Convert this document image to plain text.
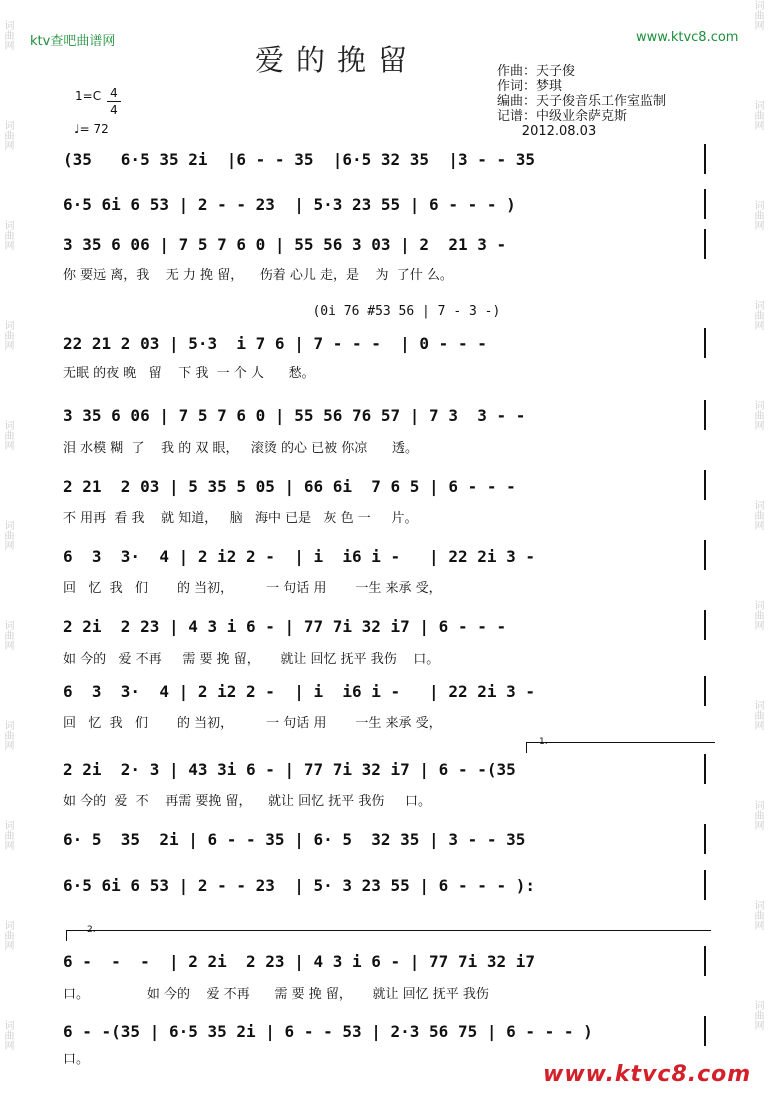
词曲网
词曲网
词曲网
词曲网
词曲网
词曲网
词曲网
词曲网
词曲网
词曲网
词曲网
词曲网
词曲网
词曲网
词曲网
词曲网
词曲网
词曲网
词曲网
词曲网
词曲网
词曲网
ktv查吧曲谱网	www.ktvc8.com
爱的挽留	作曲：天子俊
作词：梦琪
编曲：天子俊音乐工作室监制
记谱：中级业余萨克斯
2012.08.03
1=C 4
4
♩= 72
(35   6·5 35 2i  |6 - - 35  |6·5 32 35  |3 - - 35
6·5 6i 6 53 | 2 - - 23  | 5·3 23 55 | 6 - - - )
3 35 6 06 | 7 5 7 6 0 | 55 56 3 03 | 2  21 3 -
你 要远 离，我    无 力 挽 留，    伤着 心儿 走，是    为  了什 么。
(0i 76 #53 56 | 7 - 3 -)
22 21 2 03 | 5·3  i 7 6 | 7 - - -  | 0 - - -
无眠 的夜 晚   留    下 我  一 个 人      愁。
3 35 6 06 | 7 5 7 6 0 | 55 56 76 57 | 7 3  3 - -
泪 水模 糊  了    我 的 双 眼，   滚烫 的心 已被 你凉      透。
2 21  2 03 | 5 35 5 05 | 66 6i  7 6 5 | 6 - - -
不 用再  看 我    就 知道，   脑   海中 已是   灰 色 一     片。
6  3  3·  4 | 2 i2 2 -  | i  i6 i -   | 22 2i 3 -
回   忆  我   们       的 当初，        一 句话 用       一生 来承 受，
2 2i  2 23 | 4 3 i 6 - | 77 7i 32 i7 | 6 - - -
如 今的   爱 不再     需 要 挽 留，     就让 回忆 抚平 我伤    口。
6  3  3·  4 | 2 i2 2 -  | i  i6 i -   | 22 2i 3 -
回   忆  我   们       的 当初，        一 句话 用       一生 来承 受，
2 2i  2· 3 | 43 3i 6 - | 77 7i 32 i7 | 6 - -(35
如 今的  爱  不    再需 要挽 留，    就让 回忆 抚平 我伤     口。
6· 5  35  2i | 6 - - 35 | 6· 5  32 35 | 3 - - 35
6·5 6i 6 53 | 2 - - 23  | 5· 3 23 55 | 6 - - - ):
6 -  -  -  | 2 2i  2 23 | 4 3 i 6 - | 77 7i 32 i7
口。              如 今的    爱 不再      需 要 挽 留，     就让 回忆 抚平 我伤
6 - -(35 | 6·5 35 2i | 6 - - 53 | 2·3 56 75 | 6 - - - )
口。
1.
2.
www.ktvc8.com
